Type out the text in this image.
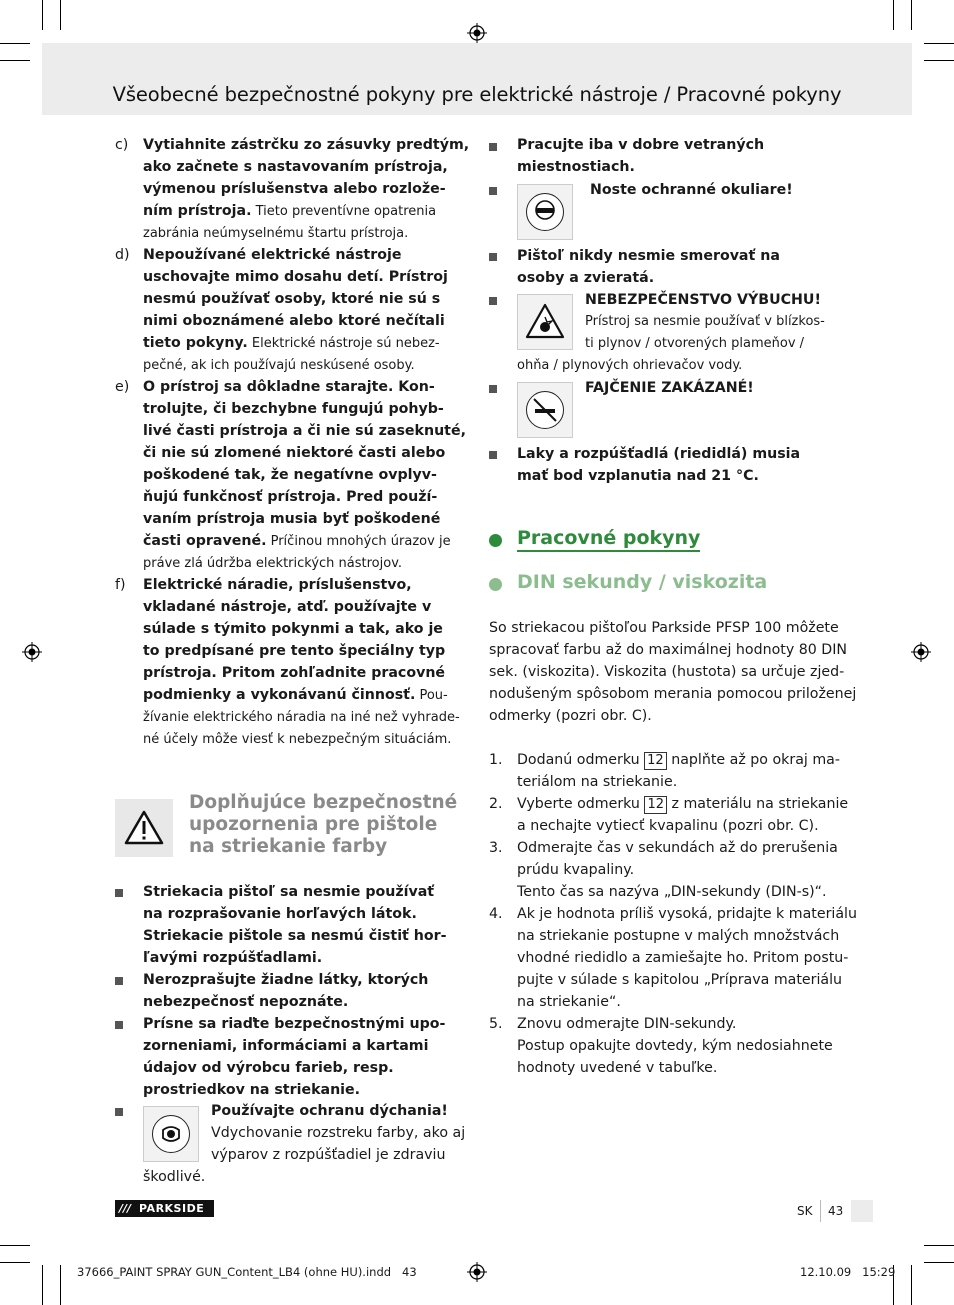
Všeobecné bezpečnostné pokyny pre elektrické nástroje / Pracovné pokyny
c) Vytiahnite zástrčku zo zásuvky predtým,
ako začnete s nastavovaním prístroja,
výmenou príslušenstva alebo rozlože-
ním prístroja. Tieto preventívne opatrenia
zabránia neúmyselnému štartu prístroja.
d) Nepoužívané elektrické nástroje
uschovajte mimo dosahu detí. Prístroj
nesmú používať osoby, ktoré nie sú s
nimi oboznámené alebo ktoré nečítali
tieto pokyny. Elektrické nástroje sú nebez-
pečné, ak ich používajú neskúsené osoby.
e) O prístroj sa dôkladne starajte. Kon-
trolujte, či bezchybne fungujú pohyb-
livé časti prístroja a či nie sú zaseknuté,
či nie sú zlomené niektoré časti alebo
poškodené tak, že negatívne ovplyv-
ňujú funkčnosť prístroja. Pred použí-
vaním prístroja musia byť poškodené
časti opravené. Príčinou mnohých úrazov je
práve zlá údržba elektrických nástrojov.
f) Elektrické náradie, príslušenstvo,
vkladané nástroje, atď. používajte v
súlade s týmito pokynmi a tak, ako je
to predpísané pre tento špeciálny typ
prístroja. Pritom zohľadnite pracovné
podmienky a vykonávanú činnosť. Pou-
žívanie elektrického náradia na iné než vyhrade-
né účely môže viesť k nebezpečným situáciám.
Doplňujúce bezpečnostné
upozornenia pre pištole
na striekanie farby
Striekacia pištoľ sa nesmie používať
na rozprašovanie horľavých látok.
Striekacie pištole sa nesmú čistiť hor-
ľavými rozpúšťadlami.
Nerozprašujte žiadne látky, ktorých
nebezpečnosť nepoznáte.
Prísne sa riaďte bezpečnostnými upo-
zorneniami, informáciami a kartami
údajov od výrobcu farieb, resp.
prostriedkov na striekanie.
Používajte ochranu dýchania!
Vdychovanie rozstreku farby, ako aj
výparov z rozpúšťadiel je zdraviu
škodlivé.
Pracujte iba v dobre vetraných
miestnostiach.
Noste ochranné okuliare!
Pištoľ nikdy nesmie smerovať na
osoby a zvieratá.
NEBEZPEČENSTVO VÝBUCHU!
Prístroj sa nesmie používať v blízkos-
ti plynov / otvorených plameňov /
ohňa / plynových ohrievačov vody.
FAJČENIE ZAKÁZANÉ!
Laky a rozpúšťadlá (riedidlá) musia
mať bod vzplanutia nad 21 °C.
Pracovné pokyny
DIN sekundy / viskozita
So striekacou pištoľou Parkside PFSP 100 môžete
spracovať farbu až do maximálnej hodnoty 80 DIN
sek. (viskozita). Viskozita (hustota) sa určuje zjed-
nodušeným spôsobom merania pomocou priloženej
odmerky (pozri obr. C).
1. Dodanú odmerku 12 naplňte až po okraj ma-
teriálom na striekanie.
2. Vyberte odmerku 12 z materiálu na striekanie
a nechajte vytiecť kvapalinu (pozri obr. C).
3. Odmerajte čas v sekundách až do prerušenia
prúdu kvapaliny.
Tento čas sa nazýva „DIN-sekundy (DIN-s)“.
4. Ak je hodnota príliš vysoká, pridajte k materiálu
na striekanie postupne v malých množstvách
vhodné riedidlo a zamiešajte ho. Pritom postu-
pujte v súlade s kapitolou „Príprava materiálu
na striekanie“.
5. Znovu odmerajte DIN-sekundy.
Postup opakujte dovtedy, kým nedosiahnete
hodnoty uvedené v tabuľke.
/// PARKSIDE	SK 43
37666_PAINT SPRAY GUN_Content_LB4 (ohne HU).indd   43	12.10.09   15:29
